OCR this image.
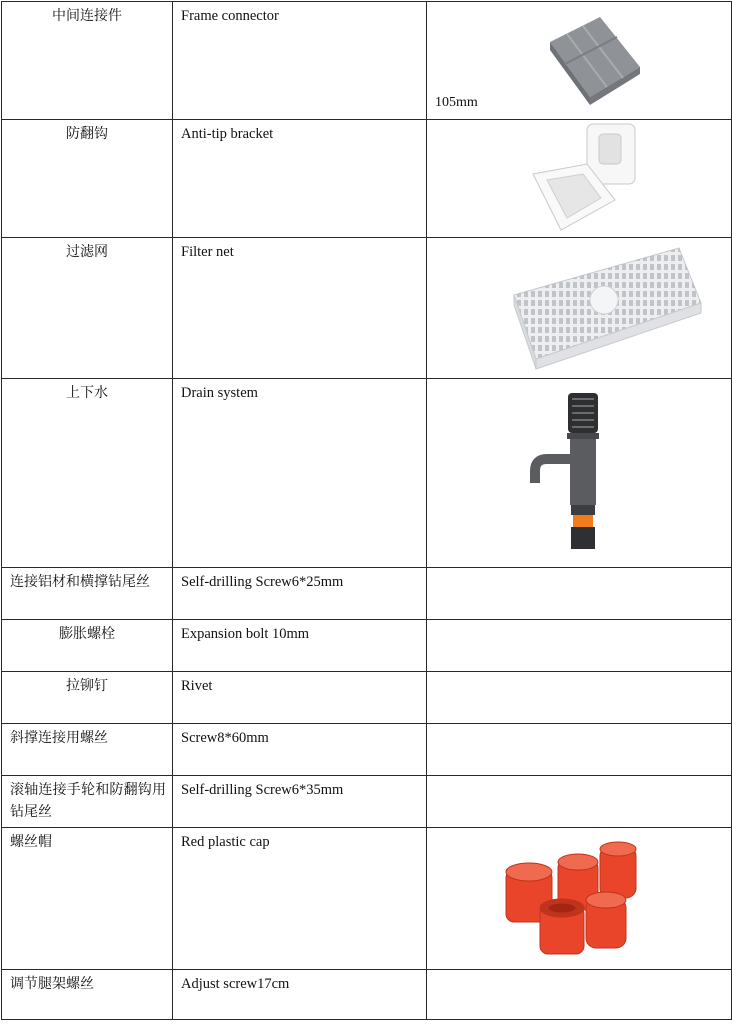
中间连接件	Frame connector	105mm

防翻钩	Anti-tip bracket

过滤网	Filter net

上下水	Drain system

连接铝材和横撑钻尾丝	Self-drilling Screw6*25mm	

膨胀螺栓	Expansion bolt 10mm	

拉铆钉	Rivet	

斜撑连接用螺丝	Screw8*60mm	

滚轴连接手轮和防翻钩用钻尾丝	Self-drilling Screw6*35mm	

螺丝帽	Red plastic cap

调节腿架螺丝	Adjust screw17cm	
